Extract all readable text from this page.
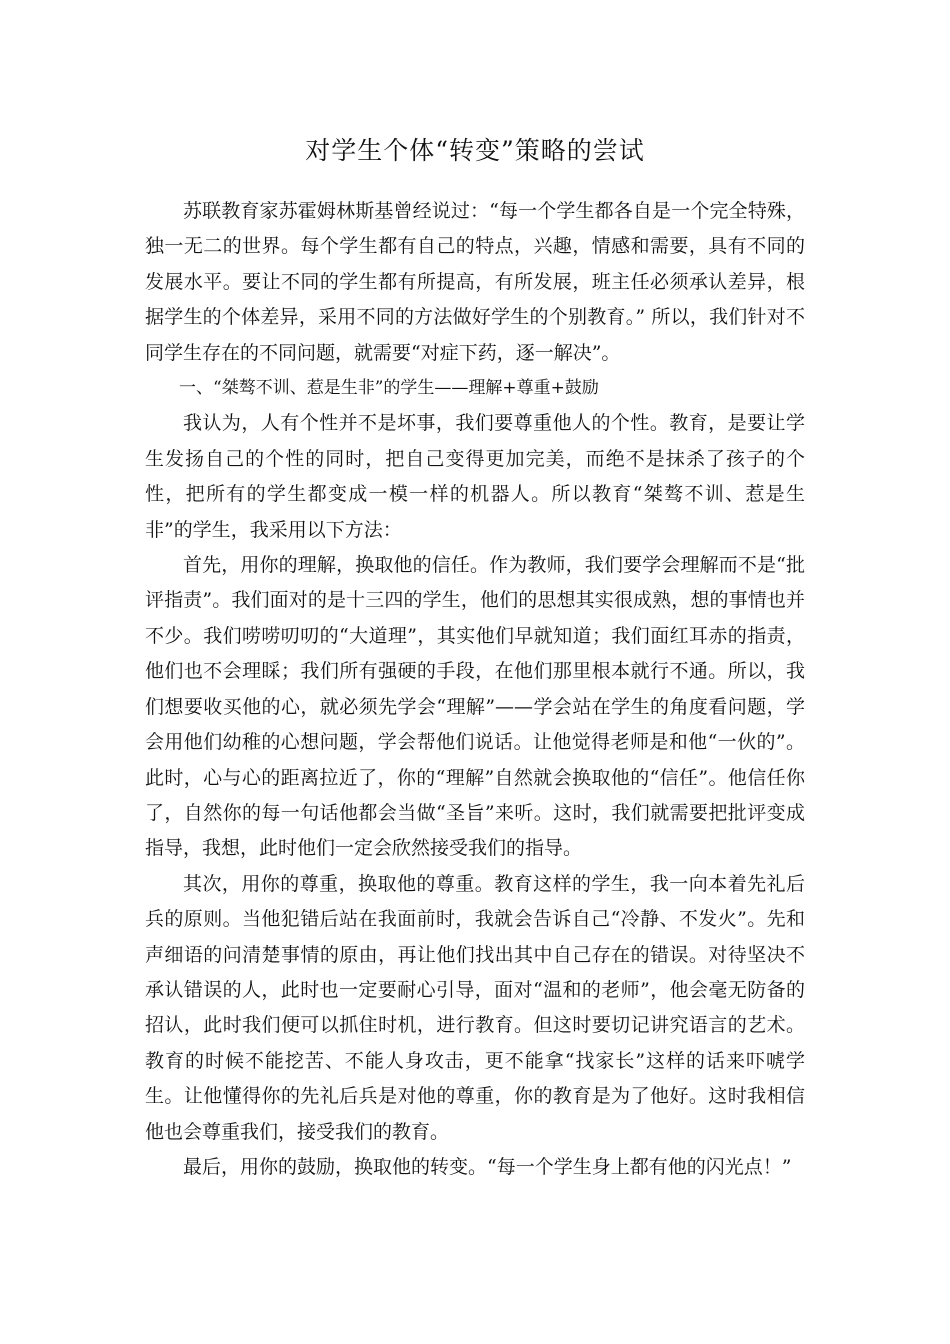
对学生个体“转变”策略的尝试

苏联教育家苏霍姆林斯基曾经说过：“每一个学生都各自是一个完全特殊，独一无二的世界。每个学生都有自己的特点，兴趣，情感和需要，具有不同的发展水平。要让不同的学生都有所提高，有所发展，班主任必须承认差异，根据学生的个体差异，采用不同的方法做好学生的个别教育。” 所以，我们针对不同学生存在的不同问题，就需要“对症下药，逐一解决”。

一、“桀骜不训、惹是生非”的学生——理解+尊重+鼓励

我认为，人有个性并不是坏事，我们要尊重他人的个性。教育，是要让学生发扬自己的个性的同时，把自己变得更加完美，而绝不是抹杀了孩子的个性，把所有的学生都变成一模一样的机器人。所以教育“桀骜不训、惹是生非”的学生，我采用以下方法：

首先，用你的理解，换取他的信任。作为教师，我们要学会理解而不是“批评指责”。我们面对的是十三四的学生，他们的思想其实很成熟，想的事情也并不少。我们唠唠叨叨的“大道理”，其实他们早就知道；我们面红耳赤的指责，他们也不会理睬；我们所有强硬的手段，在他们那里根本就行不通。所以，我们想要收买他的心，就必须先学会“理解”——学会站在学生的角度看问题，学会用他们幼稚的心想问题，学会帮他们说话。让他觉得老师是和他“一伙的”。此时，心与心的距离拉近了，你的“理解”自然就会换取他的“信任”。他信任你了，自然你的每一句话他都会当做“圣旨”来听。这时，我们就需要把批评变成指导，我想，此时他们一定会欣然接受我们的指导。

其次，用你的尊重，换取他的尊重。教育这样的学生，我一向本着先礼后兵的原则。当他犯错后站在我面前时，我就会告诉自己“冷静、不发火”。先和声细语的问清楚事情的原由，再让他们找出其中自己存在的错误。对待坚决不承认错误的人，此时也一定要耐心引导，面对“温和的老师”，他会毫无防备的招认，此时我们便可以抓住时机，进行教育。但这时要切记讲究语言的艺术。教育的时候不能挖苦、不能人身攻击，更不能拿“找家长”这样的话来吓唬学生。让他懂得你的先礼后兵是对他的尊重，你的教育是为了他好。这时我相信他也会尊重我们，接受我们的教育。

最后，用你的鼓励，换取他的转变。“每一个学生身上都有他的闪光点！”
